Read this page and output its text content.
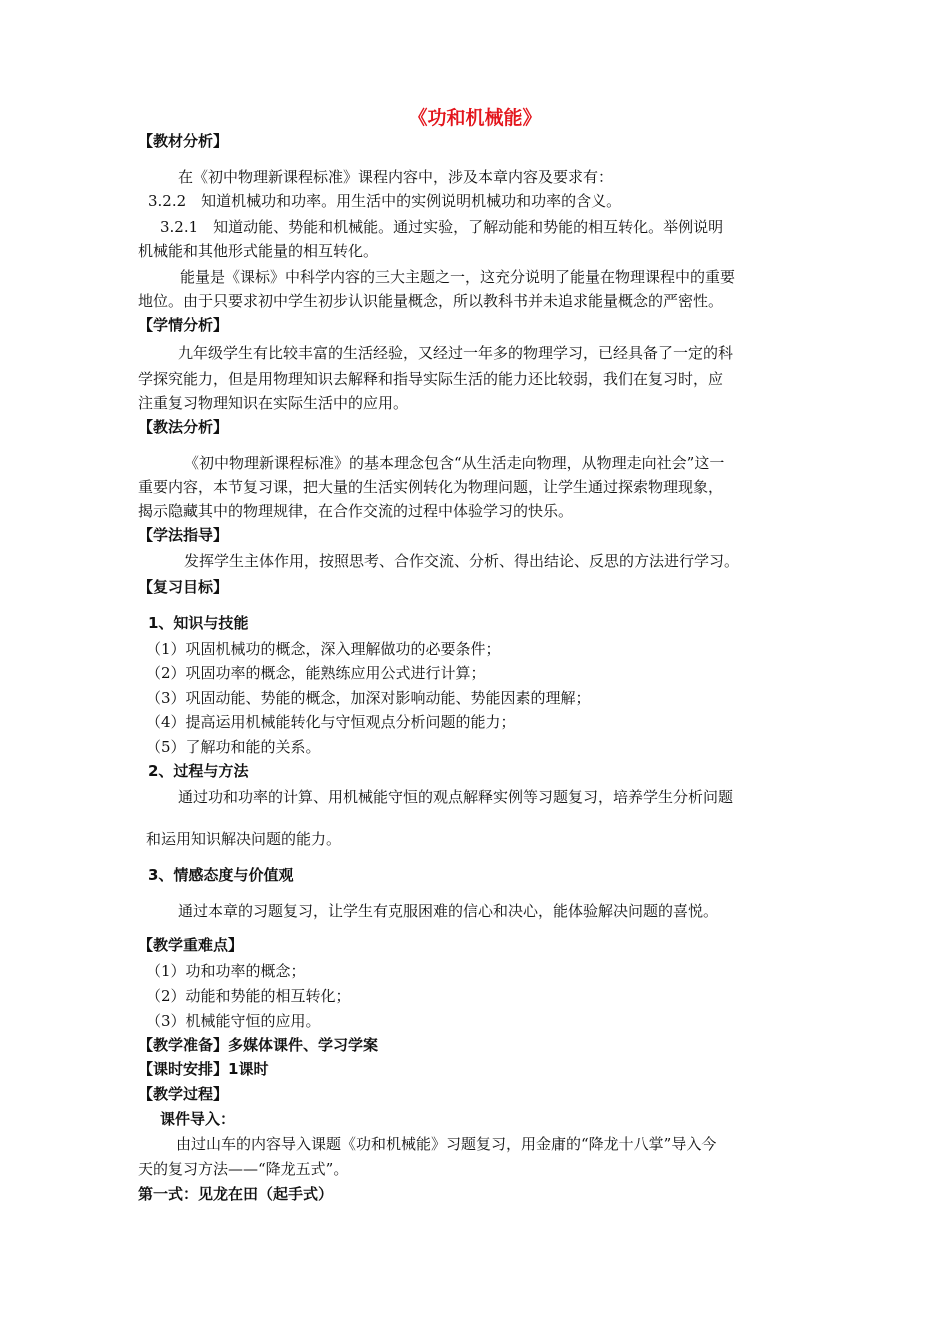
《功和机械能》
【教材分析】
在《初中物理新课程标准》课程内容中，涉及本章内容及要求有：
3.2.2　知道机械功和功率。用生活中的实例说明机械功和功率的含义。
3.2.1　知道动能、势能和机械能。通过实验，了解动能和势能的相互转化。举例说明
机械能和其他形式能量的相互转化。
能量是《课标》中科学内容的三大主题之一，这充分说明了能量在物理课程中的重要
地位。由于只要求初中学生初步认识能量概念，所以教科书并未追求能量概念的严密性。
【学情分析】
九年级学生有比较丰富的生活经验，又经过一年多的物理学习，已经具备了一定的科
学探究能力，但是用物理知识去解释和指导实际生活的能力还比较弱，我们在复习时，应
注重复习物理知识在实际生活中的应用。
【教法分析】
《初中物理新课程标准》的基本理念包含“从生活走向物理，从物理走向社会”这一
重要内容，本节复习课，把大量的生活实例转化为物理问题，让学生通过探索物理现象，
揭示隐藏其中的物理规律，在合作交流的过程中体验学习的快乐。
【学法指导】
发挥学生主体作用，按照思考、合作交流、分析、得出结论、反思的方法进行学习。
【复习目标】
1、知识与技能
（1）巩固机械功的概念，深入理解做功的必要条件；
（2）巩固功率的概念，能熟练应用公式进行计算；
（3）巩固动能、势能的概念，加深对影响动能、势能因素的理解；
（4）提高运用机械能转化与守恒观点分析问题的能力；
（5）了解功和能的关系。
2、过程与方法
通过功和功率的计算、用机械能守恒的观点解释实例等习题复习，培养学生分析问题
和运用知识解决问题的能力。
3、情感态度与价值观
通过本章的习题复习，让学生有克服困难的信心和决心，能体验解决问题的喜悦。
【教学重难点】
（1）功和功率的概念；
（2）动能和势能的相互转化；
（3）机械能守恒的应用。
【教学准备】多媒体课件、学习学案
【课时安排】1课时
【教学过程】
课件导入：
由过山车的内容导入课题《功和机械能》习题复习，用金庸的“降龙十八掌”导入今
天的复习方法——“降龙五式”。
第一式：见龙在田（起手式）
